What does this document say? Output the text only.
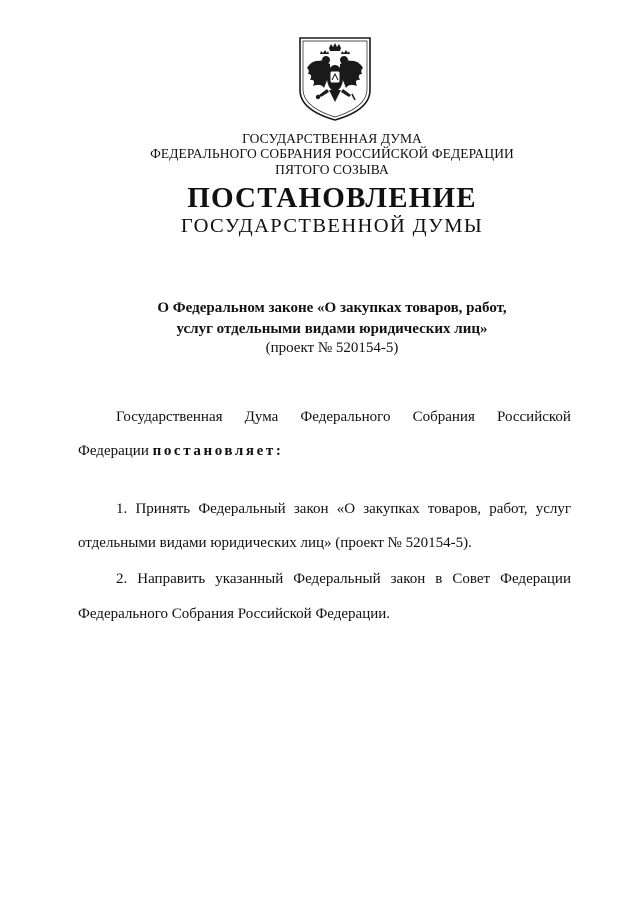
ГОСУДАРСТВЕННАЯ ДУМА
ФЕДЕРАЛЬНОГО СОБРАНИЯ РОССИЙСКОЙ ФЕДЕРАЦИИ
ПЯТОГО СОЗЫВА
ПОСТАНОВЛЕНИЕ
ГОСУДАРСТВЕННОЙ ДУМЫ
О Федеральном законе «О закупках товаров, работ,
услуг отдельными видами юридических лиц»
(проект № 520154-5)
Государственная Дума Федерального Собрания Российской
Федерации постановляет:
1. Принять Федеральный закон «О закупках товаров, работ, услуг
отдельными видами юридических лиц» (проект № 520154-5).
2. Направить указанный Федеральный закон в Совет Федерации
Федерального Собрания Российской Федерации.
